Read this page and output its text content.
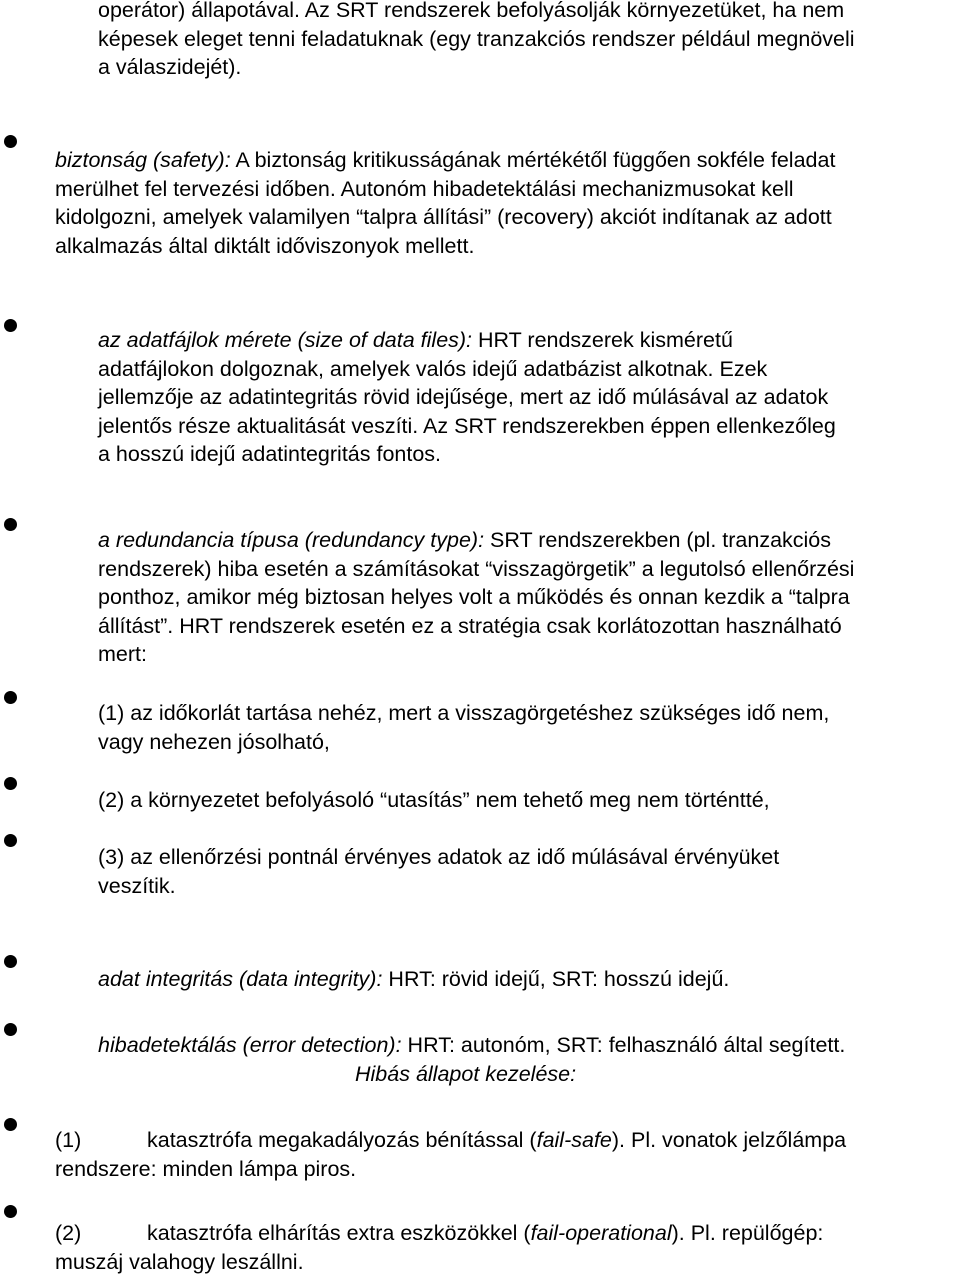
operátor) állapotával. Az SRT rendszerek befolyásolják környezetüket, ha nem
képesek eleget tenni feladatuknak (egy tranzakciós rendszer például megnöveli
a válaszidejét).
biztonság (safety): A biztonság kritikusságának mértékétől függően sokféle feladat
merülhet fel tervezési időben. Autonóm hibadetektálási mechanizmusokat kell
kidolgozni, amelyek valamilyen “talpra állítási” (recovery) akciót indítanak az adott
alkalmazás által diktált időviszonyok mellett.
az adatfájlok mérete (size of data files): HRT rendszerek kisméretű
adatfájlokon dolgoznak, amelyek valós idejű adatbázist alkotnak. Ezek
jellemzője az adatintegritás rövid idejűsége, mert az idő múlásával az adatok
jelentős része aktualitását veszíti. Az SRT rendszerekben éppen ellenkezőleg
a hosszú idejű adatintegritás fontos.
a redundancia típusa (redundancy type): SRT rendszerekben (pl. tranzakciós
rendszerek) hiba esetén a számításokat “visszagörgetik” a legutolsó ellenőrzési
ponthoz, amikor még biztosan helyes volt a működés és onnan kezdik a “talpra
állítást”. HRT rendszerek esetén ez a stratégia csak korlátozottan használható
mert:
(1) az időkorlát tartása nehéz, mert a visszagörgetéshez szükséges idő nem,
vagy nehezen jósolható,
(2) a környezetet befolyásoló “utasítás” nem tehető meg nem történtté,
(3) az ellenőrzési pontnál érvényes adatok az idő múlásával érvényüket
veszítik.
adat integritás (data integrity): HRT: rövid idejű, SRT: hosszú idejű.
hibadetektálás (error detection): HRT: autonóm, SRT: felhasználó által segített.
Hibás állapot kezelése:
(1)	katasztrófa megakadályozás bénítással (fail-safe). Pl. vonatok jelzőlámpa
rendszere: minden lámpa piros.
(2)	katasztrófa elhárítás extra eszközökkel (fail-operational). Pl. repülőgép:
muszáj valahogy leszállni.
